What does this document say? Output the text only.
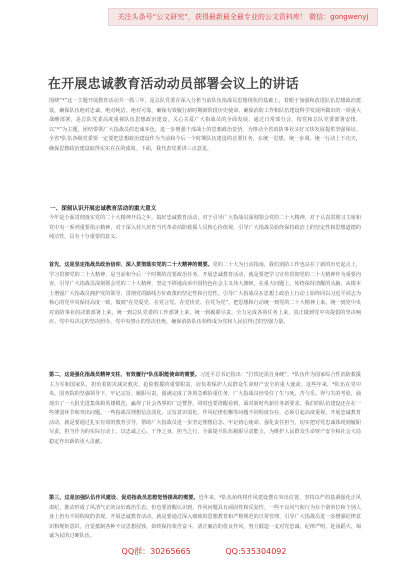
关注头条号“公文研究”，获得最新最全最专业的公文资料库！ 微信：gongwenyj
在开展忠诚教育活动动员部署会议上的讲话
围绕“*”这一主题开展教育活动并一抓三年，是总队党委在深入分析当前队伍指战员思想现状的基础上，着眼于加强和改进队伍思想政治建设，确保队伍绝对忠诚、绝对纯洁、绝对可靠，确保有效履行新时期新阶段历史使命、确保消防工作和队伍建设科学发展所做出的一项重大战略部署，是总队党委高度重视队伍思想政治建设，关心关爱广大指战员的全面发展，通过日常部分会，按党和总队党委部署安排，以“*”为主题，团结带领广大指战员的忠诚本色，进一步增强干部战士的思想政治觉悟，为推动全省消防事业又好又快发展提供坚强保证。全省*队伍各级党委要一定要把思想政治建设作为当前和今后一个时期队伍建设的首要任务，在统一思想、统一步调、统一行动上下功夫，确保思想政治建设取得实实在在的成效。下面，我代表党委讲三点意见。
一、深刻认识开展忠诚教育活动的重大意义
今年是全面贯彻落实党的二十大精神开局之年。搞好忠诚教育活动，对于引导广大指战员深刻领会党的二十大精神，对于认真贯彻习主席和党中央一系列重要指示精神，对于深入持久培育当代革命消防救援人员核心价值观，引导广大指战员始终保持政治上的坚定性和思想道德的纯洁性，具有十分重要的意义。
首先，这是坚定指战员政治信仰、深入贯彻落实党的二十大精神的需要。党的二十大为行动指南，我们消防工作也站在了新的历史起点上，学习贯彻党的二十大精神，是当前和今后一个时期的首要政治任务。开展忠诚教育活动，就是要把学习宣传贯彻党的二十大精神作为重要内容，引导广大指战员深刻领会党的二十大精神，坚定不移地高举中国特色社会主义伟大旗帜，在重大问题上，始终保持清醒的头脑，从根本上增强广大指战员拥护党的领导、贯彻党的路线方针政策的坚定性和自觉性。引导广大指战员在思想上政治上行动上始终同以习近平同志为核心的党中央保持高度一致，做到“在党爱党、在党言党、在党忧党、在党为党”，把思想和行动统一到党的二十大精神上来，统一到党中央对消防事业的决策部署上来，统一到总队党委的工作部署上来，统一到履职尽责、全力完成各项任务上来，真正做到党中央提倡的坚决响应、党中央决定的坚决照办、党中央禁止的坚决杜绝，确保消防队伍始终成为党和人民信得过的坚强力量。
第二，这是强化指战员精神支柱、有效履行*队伍职能使命的需要。习近平总书记指出：“打铁还需自身硬”。*队伍作为国家综合性消防救援主力军和国家队，担负着防灾减灾救灾、抢险救援的重要职责，肩负着保护人民群众生命财产安全的重大使命，这些年来，*队伍在党中央、国务院的坚强领导下，牢记宗旨、履职尽责，圆满完成了各项急难险重任务，广大指战员经受住了生与死、苦与乐、得与失的考验，涌现出了一大批先进集体和英雄模范，赢得了社会各界的广泛赞誉。同时也要清醒看到，面对新时代新任务新要求，我们的队伍建设还存在一些薄弱环节和突出问题，一些指战员理想信念淡化、宗旨意识弱化、作风纪律松懈等问题不同程度存在，必须引起高度重视。开展忠诚教育活动，就是要通过扎实有效的教育引导，帮助广大指战员进一步坚定理想信念、牢记初心使命、强化责任担当，切实把对党忠诚体现到履职尽责、担当作为的实际行动上，以忠诚之心、干净之身、担当之行，全面提升队伍履职尽责能力，为维护人民群众生命财产安全和社会大局稳定作出新的更大贡献。
第三，这是加强队伍作风建设、促进指战员思想觉悟提高的需要。近年来，*队伍始终将作风建设摆在突出位置，坚持以严的基调强化正风肃纪，推动形成了风清气正的良好政治生态。但也要清醒认识到，作风问题具有顽固性和反复性，一些不良风气和行为在个别单位和个别人身上仍有不同程度的表现。开展忠诚教育活动，就是要通过深入细致的思想教育和严格规范的日常管理，引导广大指战员进一步增强纪律意识和规矩意识，自觉抵制各种不良思想侵蚀，始终保持艰苦奋斗、清正廉洁的优良作风，努力锻造一支对党忠诚、纪律严明、赴汤蹈火、竭诚为民的过硬队伍。
QQ群：30265665	QQ:535304092
